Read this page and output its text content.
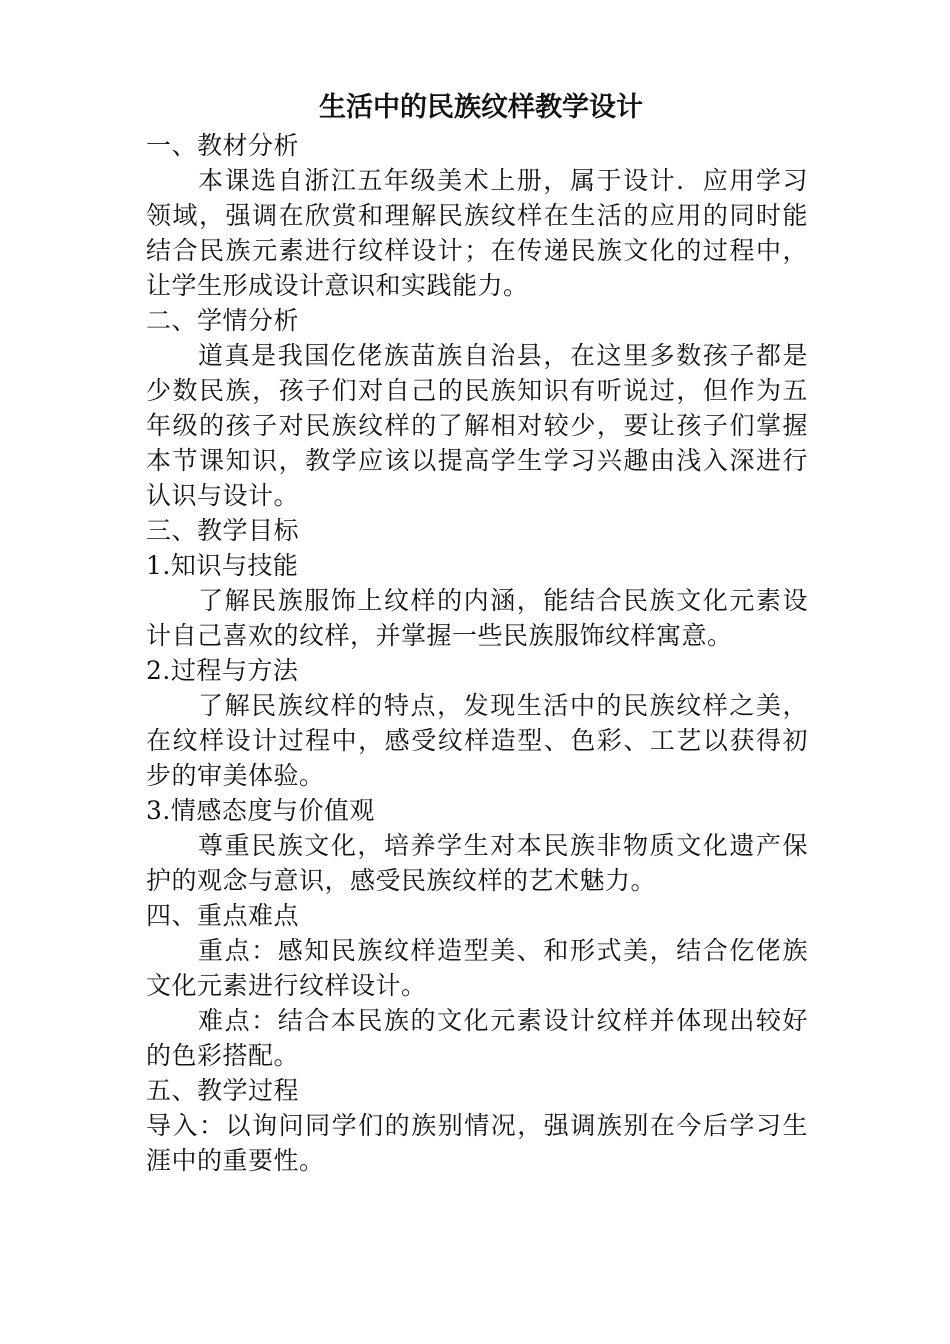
生活中的民族纹样教学设计

一、教材分析

本课选自浙江五年级美术上册，属于设计．应用学习领域，强调在欣赏和理解民族纹样在生活的应用的同时能结合民族元素进行纹样设计；在传递民族文化的过程中，让学生形成设计意识和实践能力。

二、学情分析

道真是我国仡佬族苗族自治县，在这里多数孩子都是少数民族，孩子们对自己的民族知识有听说过，但作为五年级的孩子对民族纹样的了解相对较少，要让孩子们掌握本节课知识，教学应该以提高学生学习兴趣由浅入深进行认识与设计。

三、教学目标

1.知识与技能

了解民族服饰上纹样的内涵，能结合民族文化元素设计自己喜欢的纹样，并掌握一些民族服饰纹样寓意。

2.过程与方法

了解民族纹样的特点，发现生活中的民族纹样之美，在纹样设计过程中，感受纹样造型、色彩、工艺以获得初步的审美体验。

3.情感态度与价值观

尊重民族文化，培养学生对本民族非物质文化遗产保护的观念与意识，感受民族纹样的艺术魅力。

四、重点难点

重点：感知民族纹样造型美、和形式美，结合仡佬族文化元素进行纹样设计。

难点：结合本民族的文化元素设计纹样并体现出较好的色彩搭配。

五、教学过程

导入：以询问同学们的族别情况，强调族别在今后学习生涯中的重要性。
